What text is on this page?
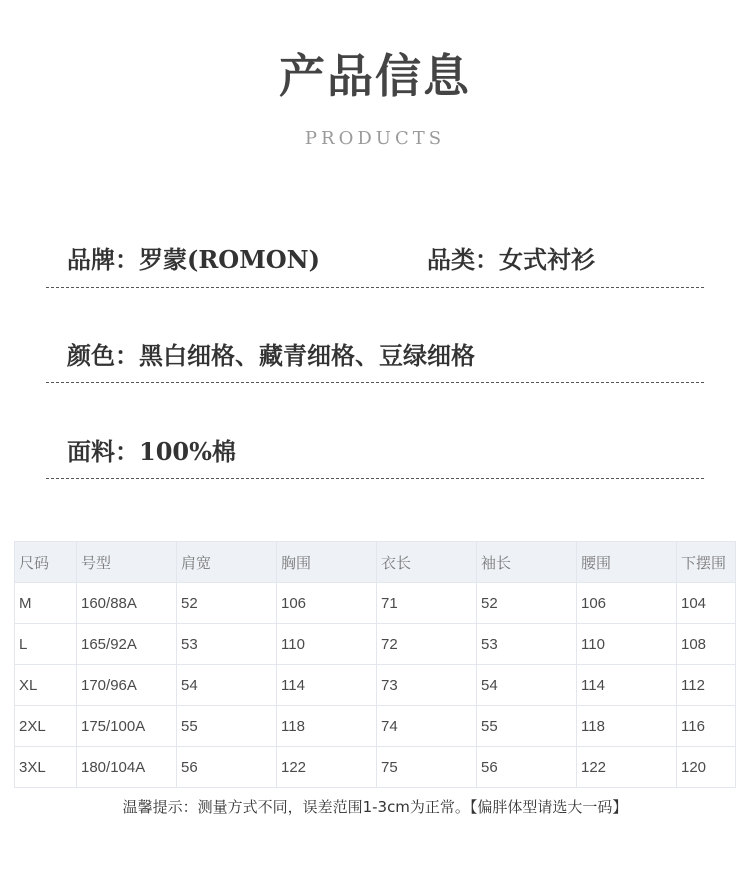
产品信息
PRODUCTS
品牌：罗蒙(ROMON)	品类：女式衬衫
颜色：黑白细格、藏青细格、豆绿细格
面料：100%棉
尺码	号型	肩宽	胸围	衣长	袖长	腰围	下摆围
M	160/88A	52	106	71	52	106	104
L	165/92A	53	110	72	53	110	108
XL	170/96A	54	114	73	54	114	112
2XL	175/100A	55	118	74	55	118	116
3XL	180/104A	56	122	75	56	122	120
温馨提示：测量方式不同，误差范围1-3cm为正常。【偏胖体型请选大一码】
